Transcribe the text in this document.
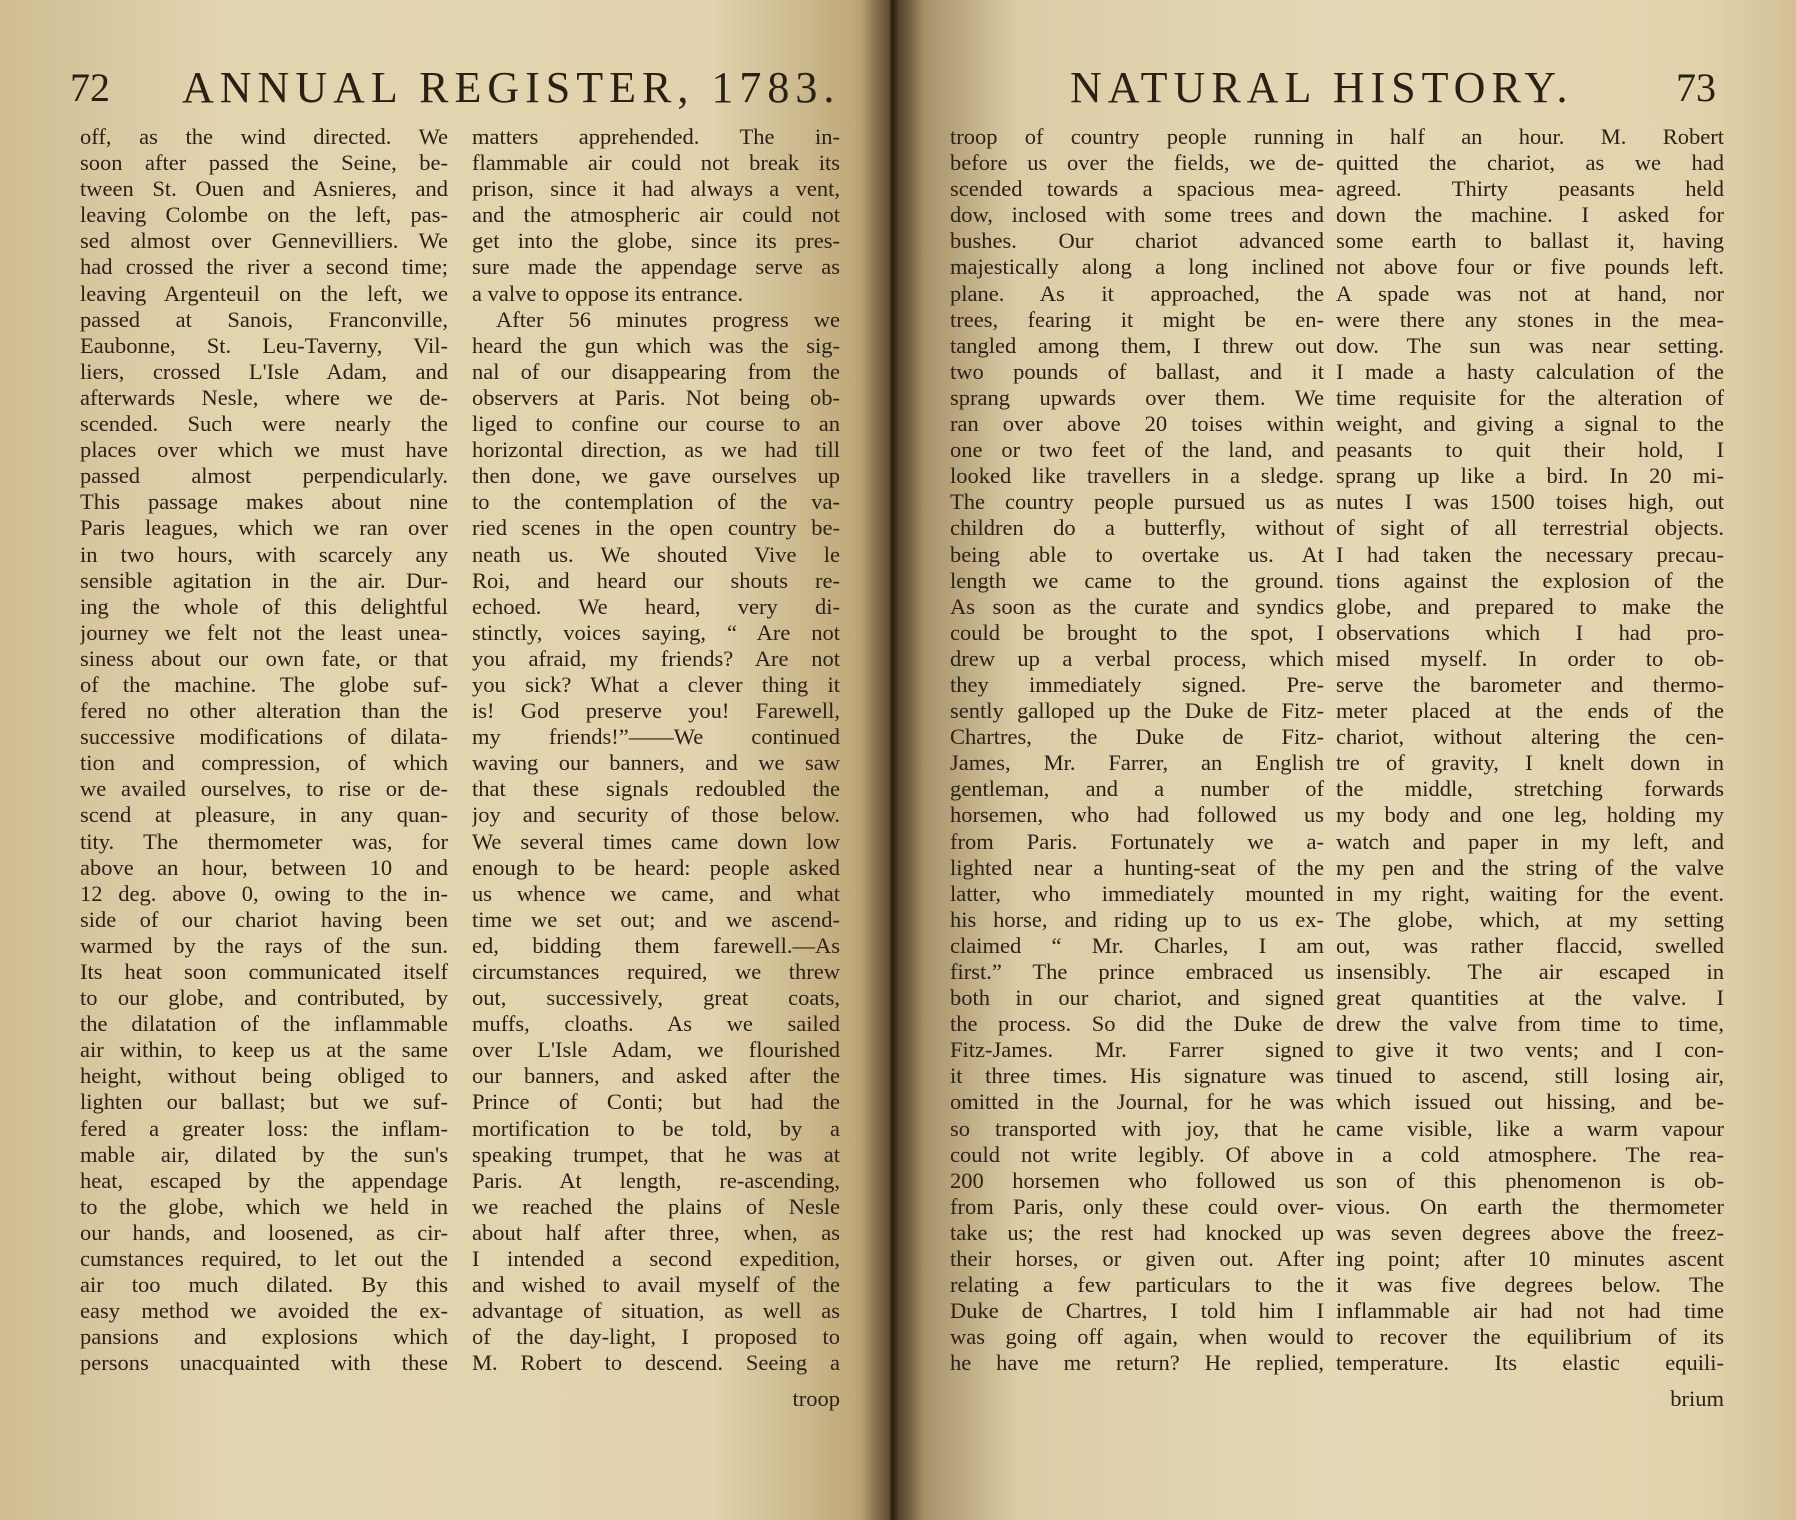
72 ANNUAL REGISTER, 1783.
off, as the wind directed. We
soon after passed the Seine, be-
tween St. Ouen and Asnieres, and
leaving Colombe on the left, pas-
sed almost over Gennevilliers. We
had crossed the river a second time;
leaving Argenteuil on the left, we
passed at Sanois, Franconville,
Eaubonne, St. Leu-Taverny, Vil-
liers, crossed L'Isle Adam, and
afterwards Nesle, where we de-
scended. Such were nearly the
places over which we must have
passed almost perpendicularly.
This passage makes about nine
Paris leagues, which we ran over
in two hours, with scarcely any
sensible agitation in the air. Dur-
ing the whole of this delightful
journey we felt not the least unea-
siness about our own fate, or that
of the machine. The globe suf-
fered no other alteration than the
successive modifications of dilata-
tion and compression, of which
we availed ourselves, to rise or de-
scend at pleasure, in any quan-
tity. The thermometer was, for
above an hour, between 10 and
12 deg. above 0, owing to the in-
side of our chariot having been
warmed by the rays of the sun.
Its heat soon communicated itself
to our globe, and contributed, by
the dilatation of the inflammable
air within, to keep us at the same
height, without being obliged to
lighten our ballast; but we suf-
fered a greater loss: the inflam-
mable air, dilated by the sun's
heat, escaped by the appendage
to the globe, which we held in
our hands, and loosened, as cir-
cumstances required, to let out the
air too much dilated. By this
easy method we avoided the ex-
pansions and explosions which
persons unacquainted with these
matters apprehended. The in-
flammable air could not break its
prison, since it had always a vent,
and the atmospheric air could not
get into the globe, since its pres-
sure made the appendage serve as
a valve to oppose its entrance.
After 56 minutes progress we
heard the gun which was the sig-
nal of our disappearing from the
observers at Paris. Not being ob-
liged to confine our course to an
horizontal direction, as we had till
then done, we gave ourselves up
to the contemplation of the va-
ried scenes in the open country be-
neath us. We shouted Vive le
Roi, and heard our shouts re-
echoed. We heard, very di-
stinctly, voices saying, “ Are not
you afraid, my friends? Are not
you sick? What a clever thing it
is! God preserve you! Farewell,
my friends!”——We continued
waving our banners, and we saw
that these signals redoubled the
joy and security of those below.
We several times came down low
enough to be heard: people asked
us whence we came, and what
time we set out; and we ascend-
ed, bidding them farewell.—As
circumstances required, we threw
out, successively, great coats,
muffs, cloaths. As we sailed
over L'Isle Adam, we flourished
our banners, and asked after the
Prince of Conti; but had the
mortification to be told, by a
speaking trumpet, that he was at
Paris. At length, re-ascending,
we reached the plains of Nesle
about half after three, when, as
I intended a second expedition,
and wished to avail myself of the
advantage of situation, as well as
of the day-light, I proposed to
M. Robert to descend. Seeing a
troop
NATURAL HISTORY.	73
troop of country people running
before us over the fields, we de-
scended towards a spacious mea-
dow, inclosed with some trees and
bushes. Our chariot advanced
majestically along a long inclined
plane. As it approached, the
trees, fearing it might be en-
tangled among them, I threw out
two pounds of ballast, and it
sprang upwards over them. We
ran over above 20 toises within
one or two feet of the land, and
looked like travellers in a sledge.
The country people pursued us as
children do a butterfly, without
being able to overtake us. At
length we came to the ground.
As soon as the curate and syndics
could be brought to the spot, I
drew up a verbal process, which
they immediately signed. Pre-
sently galloped up the Duke de Fitz-
Chartres, the Duke de Fitz-
James, Mr. Farrer, an English
gentleman, and a number of
horsemen, who had followed us
from Paris. Fortunately we a-
lighted near a hunting-seat of the
latter, who immediately mounted
his horse, and riding up to us ex-
claimed “ Mr. Charles, I am
first.” The prince embraced us
both in our chariot, and signed
the process. So did the Duke de
Fitz-James. Mr. Farrer signed
it three times. His signature was
omitted in the Journal, for he was
so transported with joy, that he
could not write legibly. Of above
200 horsemen who followed us
from Paris, only these could over-
take us; the rest had knocked up
their horses, or given out. After
relating a few particulars to the
Duke de Chartres, I told him I
was going off again, when would
he have me return? He replied,
in half an hour. M. Robert
quitted the chariot, as we had
agreed. Thirty peasants held
down the machine. I asked for
some earth to ballast it, having
not above four or five pounds left.
A spade was not at hand, nor
were there any stones in the mea-
dow. The sun was near setting.
I made a hasty calculation of the
time requisite for the alteration of
weight, and giving a signal to the
peasants to quit their hold, I
sprang up like a bird. In 20 mi-
nutes I was 1500 toises high, out
of sight of all terrestrial objects.
I had taken the necessary precau-
tions against the explosion of the
globe, and prepared to make the
observations which I had pro-
mised myself. In order to ob-
serve the barometer and thermo-
meter placed at the ends of the
chariot, without altering the cen-
tre of gravity, I knelt down in
the middle, stretching forwards
my body and one leg, holding my
watch and paper in my left, and
my pen and the string of the valve
in my right, waiting for the event.
The globe, which, at my setting
out, was rather flaccid, swelled
insensibly. The air escaped in
great quantities at the valve. I
drew the valve from time to time,
to give it two vents; and I con-
tinued to ascend, still losing air,
which issued out hissing, and be-
came visible, like a warm vapour
in a cold atmosphere. The rea-
son of this phenomenon is ob-
vious. On earth the thermometer
was seven degrees above the freez-
ing point; after 10 minutes ascent
it was five degrees below. The
inflammable air had not had time
to recover the equilibrium of its
temperature. Its elastic equili-
brium
